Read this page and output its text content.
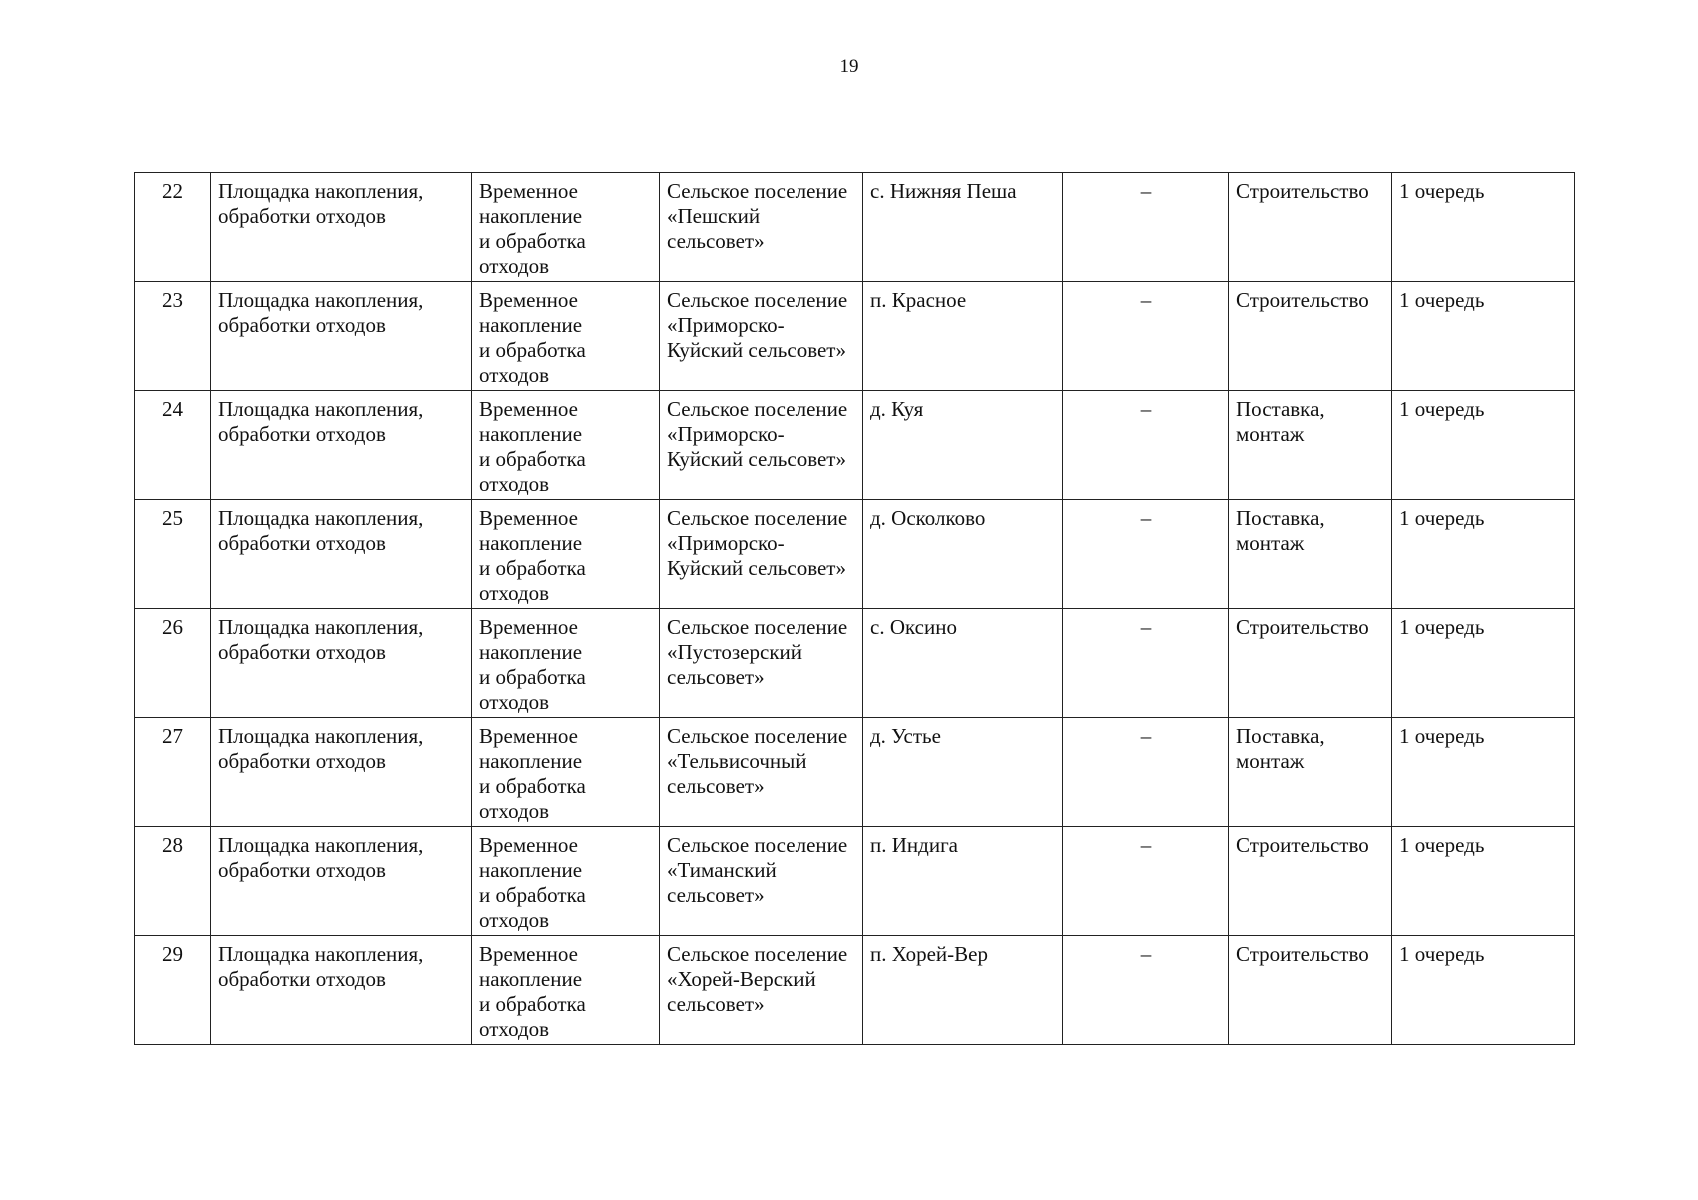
19
22	Площадка накопления,
обработки отходов	Временное
накопление
и обработка
отходов	Сельское поселение
«Пешский
сельсовет»	с. Нижняя Пеша	–	Строительство	1 очередь
23	Площадка накопления,
обработки отходов	Временное
накопление
и обработка
отходов	Сельское поселение
«Приморско-
Куйский сельсовет»	п. Красное	–	Строительство	1 очередь
24	Площадка накопления,
обработки отходов	Временное
накопление
и обработка
отходов	Сельское поселение
«Приморско-
Куйский сельсовет»	д. Куя	–	Поставка,
монтаж	1 очередь
25	Площадка накопления,
обработки отходов	Временное
накопление
и обработка
отходов	Сельское поселение
«Приморско-
Куйский сельсовет»	д. Осколково	–	Поставка,
монтаж	1 очередь
26	Площадка накопления,
обработки отходов	Временное
накопление
и обработка
отходов	Сельское поселение
«Пустозерский
сельсовет»	с. Оксино	–	Строительство	1 очередь
27	Площадка накопления,
обработки отходов	Временное
накопление
и обработка
отходов	Сельское поселение
«Тельвисочный
сельсовет»	д. Устье	–	Поставка,
монтаж	1 очередь
28	Площадка накопления,
обработки отходов	Временное
накопление
и обработка
отходов	Сельское поселение
«Тиманский
сельсовет»	п. Индига	–	Строительство	1 очередь
29	Площадка накопления,
обработки отходов	Временное
накопление
и обработка
отходов	Сельское поселение
«Хорей-Верский
сельсовет»	п. Хорей-Вер	–	Строительство	1 очередь
